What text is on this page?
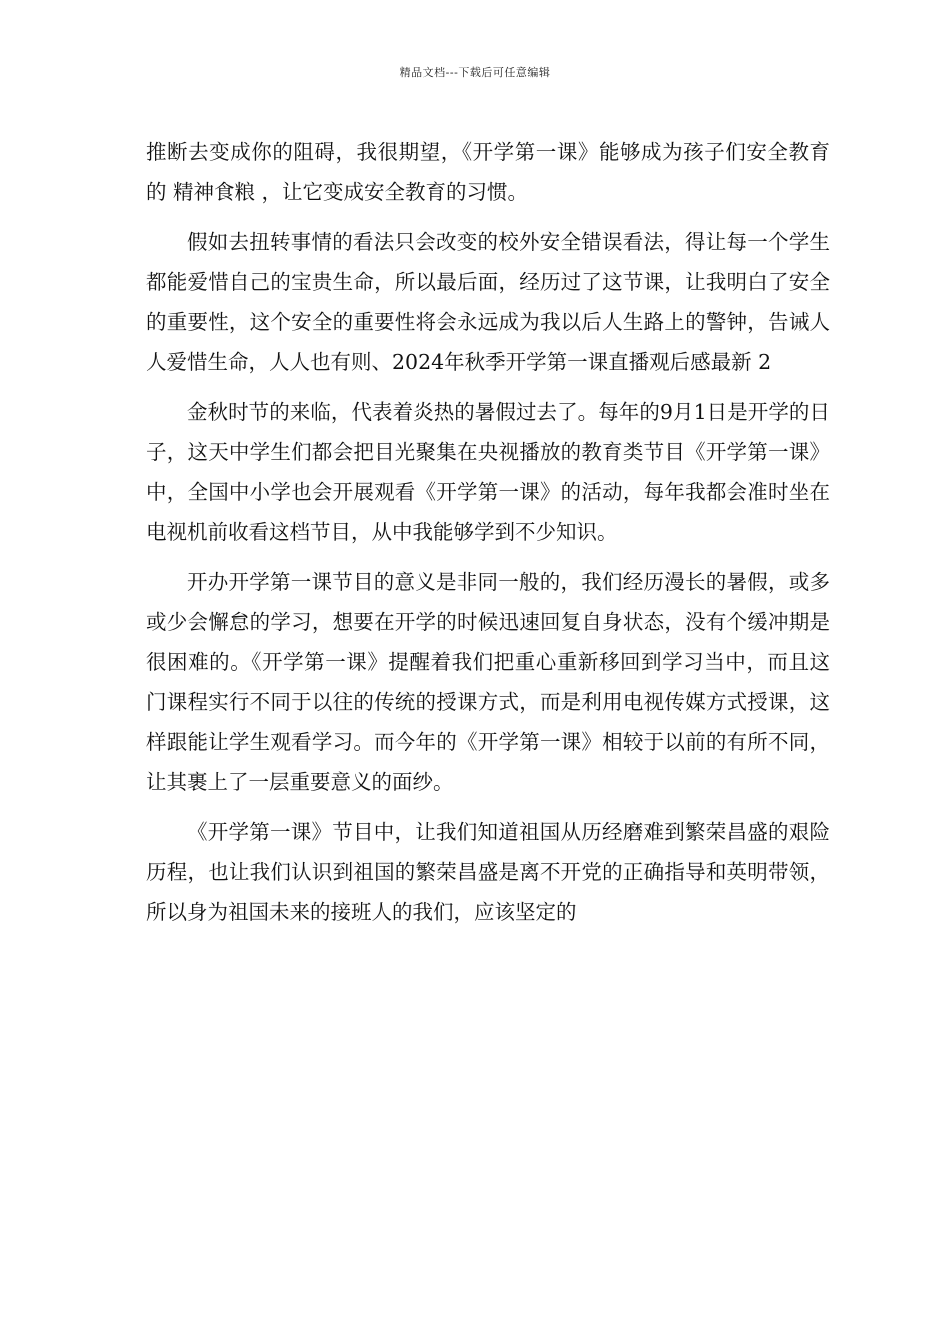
精品文档---下载后可任意编辑

推断去变成你的阻碍，我很期望，《开学第一课》能够成为孩子们安全教育的 精神食粮 ，让它变成安全教育的习惯。

假如去扭转事情的看法只会改变的校外安全错误看法，得让每一个学生都能爱惜自己的宝贵生命，所以最后面，经历过了这节课，让我明白了安全的重要性，这个安全的重要性将会永远成为我以后人生路上的警钟，告诫人人爱惜生命，人人也有则、2024年秋季开学第一课直播观后感最新 2

金秋时节的来临，代表着炎热的暑假过去了。每年的9月1日是开学的日子，这天中学生们都会把目光聚集在央视播放的教育类节目《开学第一课》中，全国中小学也会开展观看《开学第一课》的活动，每年我都会准时坐在电视机前收看这档节目，从中我能够学到不少知识。

开办开学第一课节目的意义是非同一般的，我们经历漫长的暑假，或多或少会懈怠的学习，想要在开学的时候迅速回复自身状态，没有个缓冲期是很困难的。《开学第一课》提醒着我们把重心重新移回到学习当中，而且这门课程实行不同于以往的传统的授课方式，而是利用电视传媒方式授课，这样跟能让学生观看学习。而今年的《开学第一课》相较于以前的有所不同，让其裹上了一层重要意义的面纱。

《开学第一课》节目中，让我们知道祖国从历经磨难到繁荣昌盛的艰险历程，也让我们认识到祖国的繁荣昌盛是离不开党的正确指导和英明带领，所以身为祖国未来的接班人的我们，应该坚定的
